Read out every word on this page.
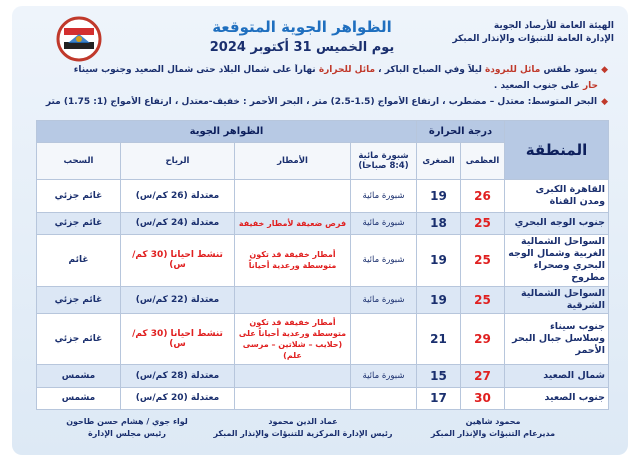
الهيئة العامة للأرصاد الجوية
الإدارة العامة للتنبؤات والإنذار المبكر
الظواهر الجوية المتوقعة
يوم الخميس 31 أكتوبر 2024
◆يسود طقس مائل للبرودة ليلاً وفي الصباح الباكر ، مائل للحرارة نهاراً على شمال البلاد حتى شمال الصعيد وجنوب سيناء
حار على جنوب الصعيد .
◆البحر المتوسط: معتدل – مضطرب ، ارتفاع الأمواج (1.5-2.5) متر ، البحر الأحمر : خفيف-معتدل ، ارتفاع الأمواج (1: 1.75) متر
المنطقة	درجة الحرارة		الظواهر الجوية			
	العظمى	الصغرى	شبورة مائية (8:4 صباحا)	الأمطار	الرياح	السحب
القاهرة الكبرى ومدن القناة	26	19	شبورة مائية		معتدلة (26 كم/س)	غائم جزئي
جنوب الوجه البحري	25	18	شبورة مائية	فرص ضعيفة لأمطار خفيفة	معتدلة (24 كم/س)	غائم جزئي
السواحل الشمالية الغربية وشمال الوجه البحري وصحراء مطروح	25	19	شبورة مائية	أمطار خفيفة قد تكون متوسطة ورعدية أحياناً	تنشط احيانا (30 كم/س)	غائم
السواحل الشمالية الشرقية	25	19	شبورة مائية		معتدلة (22 كم/س)	غائم جزئي
جنوب سيناء وسلاسل جبال البحر الأحمر	29	21		أمطار خفيفة قد تكون متوسطة ورعدية أحياناً على (حلايب – شلاتين – مرسى علم)	تنشط احيانا (30 كم/س)	غائم جزئي
شمال الصعيد	27	15	شبورة مائية		معتدلة (28 كم/س)	مشمس
جنوب الصعيد	30	17			معتدلة (20 كم/س)	مشمس
محمود شاهين
مديرعام التنبؤات والإنذار المبكر
عماد الدين محمود
رئيس الإدارة المركزية للتنبؤات والإنذار المبكر
لواء جوي / هشام حسن طاحون
رئيس مجلس الإدارة
